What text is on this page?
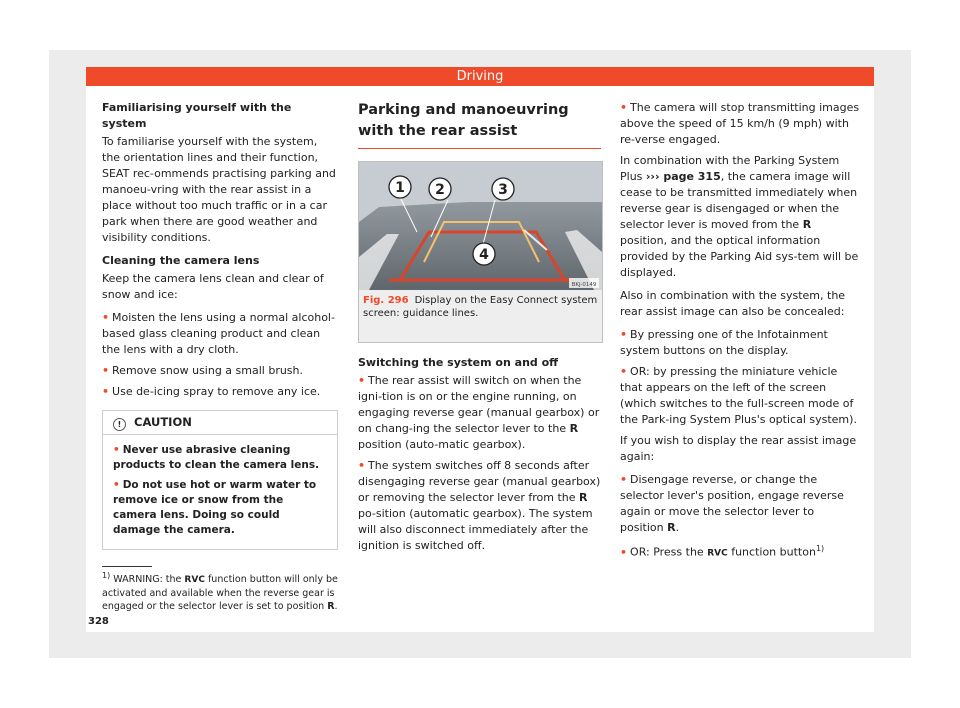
Driving

Familiarising yourself with the system

To familiarise yourself with the system, the orientation lines and their function, SEAT rec-ommends practising parking and manoeu-vring with the rear assist in a place without too much traffic or in a car park when there are good weather and visibility conditions.

Cleaning the camera lens

Keep the camera lens clean and clear of snow and ice:

• Moisten the lens using a normal alcohol-based glass cleaning product and clean the lens with a dry cloth.

• Remove snow using a small brush.

• Use de-icing spray to remove any ice.

! CAUTION

• Never use abrasive cleaning products to clean the camera lens.

• Do not use hot or warm water to remove ice or snow from the camera lens. Doing so could damage the camera.

Parking and manoeuvring with the rear assist
1 2	3
4
BKJ-0149
Fig. 296 Display on the Easy Connect system screen: guidance lines.

Switching the system on and off

• The rear assist will switch on when the igni-tion is on or the engine running, on engaging reverse gear (manual gearbox) or on chang-ing the selector lever to the R position (auto-matic gearbox).

• The system switches off 8 seconds after disengaging reverse gear (manual gearbox) or removing the selector lever from the R po-sition (automatic gearbox). The system will also disconnect immediately after the ignition is switched off.

• The camera will stop transmitting images above the speed of 15 km/h (9 mph) with re-verse engaged.

In combination with the Parking System Plus ››› page 315, the camera image will cease to be transmitted immediately when reverse gear is disengaged or when the selector lever is moved from the R position, and the optical information provided by the Parking Aid sys-tem will be displayed.

Also in combination with the system, the rear assist image can also be concealed:

• By pressing one of the Infotainment system buttons on the display.

• OR: by pressing the miniature vehicle that appears on the left of the screen (which switches to the full-screen mode of the Park-ing System Plus's optical system).

If you wish to display the rear assist image again:

• Disengage reverse, or change the selector lever's position, engage reverse again or move the selector lever to position R.

• OR: Press the RVC function button$^{1)}$

$^{1)}$ WARNING: the RVC function button will only be activated and available when the reverse gear is engaged or the selector lever is set to position R.
328
